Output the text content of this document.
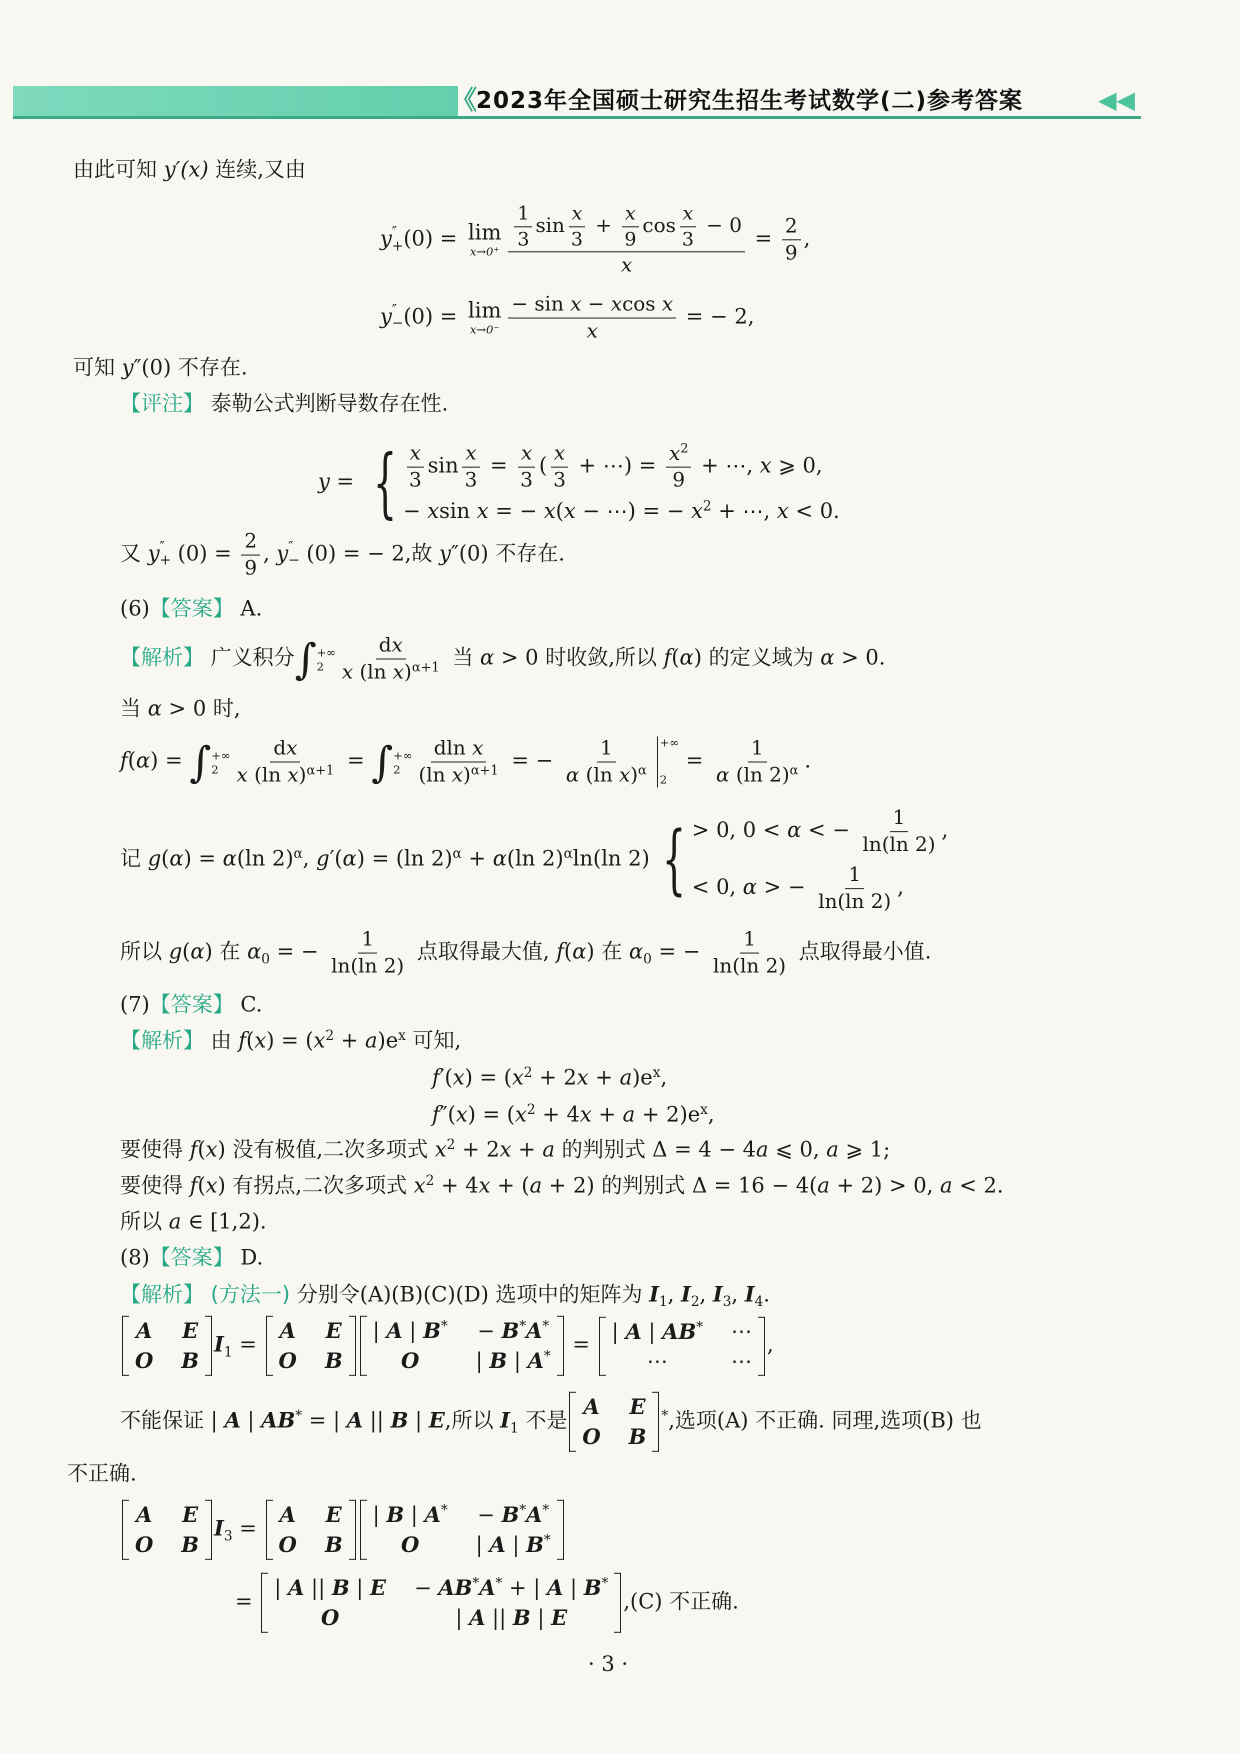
《
2023年全国硕士研究生招生考试数学(二)参考答案	◀◀
由此可知 y′(x) 连续,又由
y ″
+ (0) = lim
$x\to 0^+ \frac{\frac{1}{3} \sin \frac{x}{3} + \frac{x}{9} \cos \frac{x}{3} - 0}{x} = \frac{2}{9}$ ,
y ″
− (0) = lim
$x\to 0^- \frac{\text{− sin x − xcos x}}{x}$ = − 2,
可知 y″(0) 不存在.
【评注】 泰勒公式判断导数存在性.
y = { $\frac{x}{3}$ $\sin \frac{x}{3} = \frac{x}{3}$ ( $\frac{x}{3}$ + ⋯) = $\frac{x^2}{9}$ + ⋯, x ⩾ 0,
− xsin x = − x(x − ⋯) = − $x^2$ + ⋯, x < 0.
又 y ″
+ $(0) = \frac{2}{9}$ , y ″
− (0) = − 2,故 y″(0) 不存在.
(6)【答案】 A.
【解析】 广义积分 ∫ +∞
$2 \frac{dx}{x (\ln x)^{\alpha+1}}$ 当 α > 0 时收敛,所以 f(α) 的定义域为 α > 0.
当 α > 0 时,
f(α) = ∫ +∞
$2 \frac{dx}{x (\ln x)^{\alpha+1}}$ = ∫ +∞
$2 \frac{\text{dln x}}{(\ln x)^{\alpha+1}}$ = − $\frac{1}{\alpha (\ln x)^\alpha}$ +∞
2
= $\frac{1}{\alpha (\ln 2)^\alpha}$ .
记 g(α) = α(ln 2)$^\alpha$, g′(α) = (ln 2)$^\alpha$ + α(ln 2)$^\alpha$ln(ln 2) { > 0, 0 < α < − $\frac{1}{\ln(\ln 2)}$ ,
< 0, α > − $\frac{1}{\ln(\ln 2)}$ ,
所以 g(α) 在 $\alpha_0$ = − $\frac{1}{\ln(\ln 2)}$ 点取得最大值, f(α) 在 $\alpha_0$ = − $\frac{1}{\ln(\ln 2)}$ 点取得最小值.
(7)【答案】 C.
【解析】 由 $f(x) = (x^2 + a)e^x$ 可知,
$f'(x) = (x^2 + 2x + a)e^x$,
$f''(x) = (x^2 + 4x + a + 2)e^x$,
要使得 f(x) 没有极值,二次多项式 $x^2 + 2x + a$ 的判别式 Δ = 4 − 4a ⩽ 0, a ⩾ 1;
要使得 f(x) 有拐点,二次多项式 $x^2 + 4x + (a + 2)$ 的判别式 Δ = 16 − 4(a + 2) > 0, a < 2.
所以 a ∈ [1,2).
(8)【答案】 D.
【解析】 (方法一) 分别令(A)(B)(C)(D) 选项中的矩阵为 $I_1$, $I_2$, $I_3$, $I_4$.
A E
O B
$I_1$ =
A E
O B
| A | B* − B*A*
O	| B | A* =
| A | AB* ⋯
⋯	⋯
,
不能保证 | A | AB* = | A || B | E,所以 $I_1$ 不是
A E
O B
*,选项(A) 不正确. 同理,选项(B) 也
不正确.
A E
O B
$I_3$ =
A E
O B
| B | A* − B*A*
O	| A | B*
=
| A || B | E − AB*A* + | A | B*
O	| A || B | E
,(C) 不正确.
· 3 ·
